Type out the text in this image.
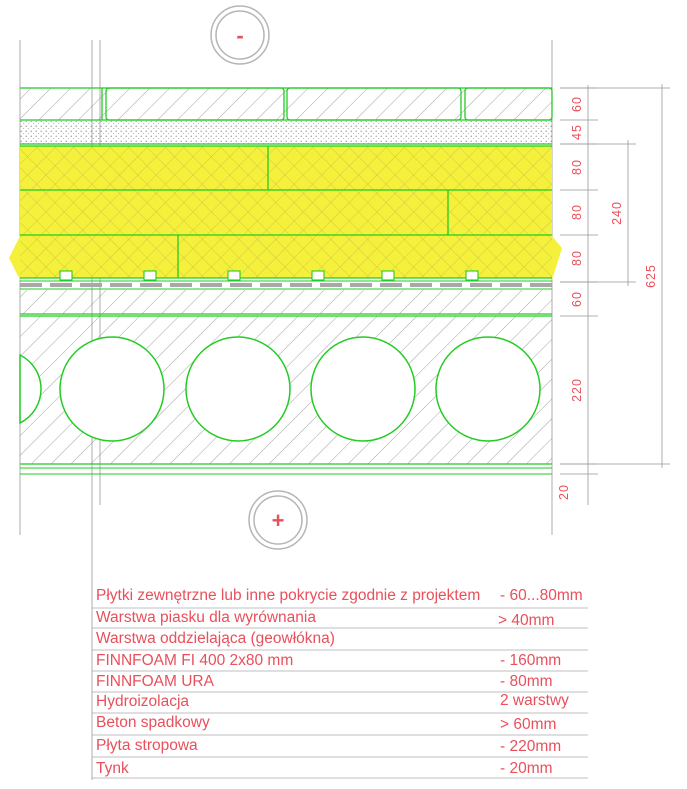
-
+
60
45
80
80
80
60
220
20
240
625
Płytki zewnętrzne lub inne pokrycie zgodnie z projektem - 60...80mm
Warstwa piasku dla wyrównania	> 40mm
Warstwa oddzielająca (geowłókna)
FINNFOAM FI 400 2x80 mm	- 160mm
FINNFOAM URA	- 80mm
Hydroizolacja	2 warstwy
Beton spadkowy	> 60mm
Płyta stropowa	- 220mm
Tynk	- 20mm
